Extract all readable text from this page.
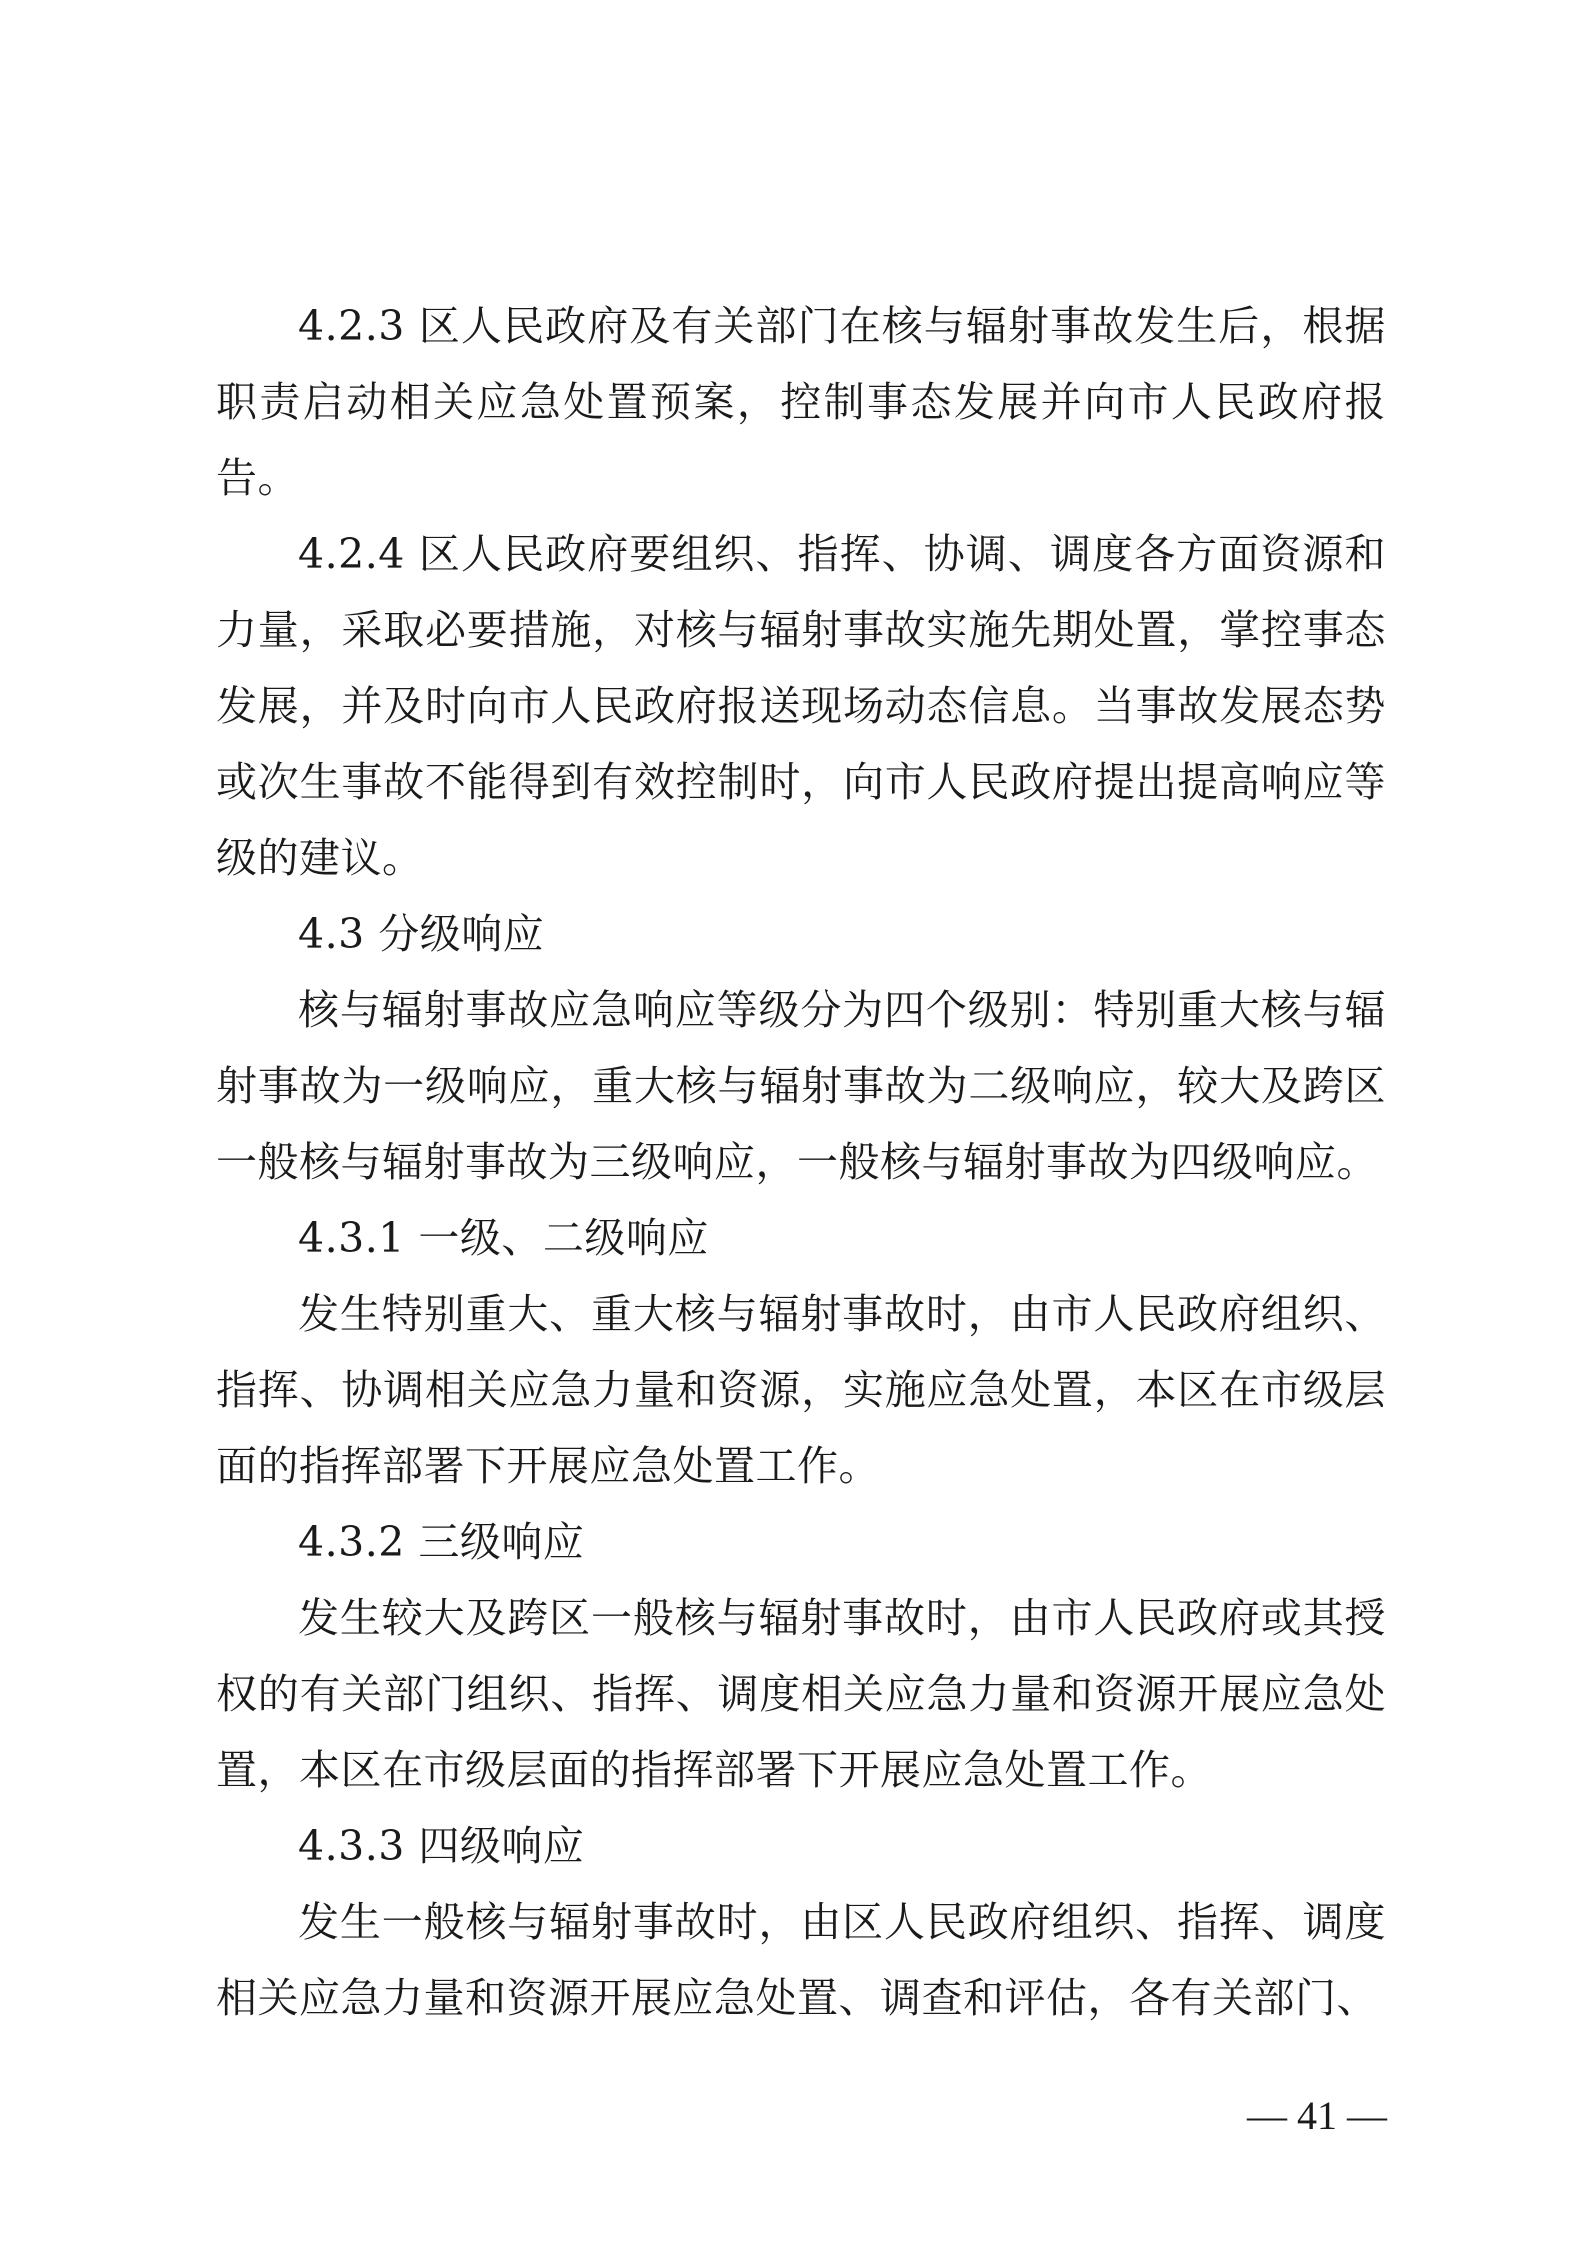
4.2.3 区人民政府及有关部门在核与辐射事故发生后，根据职责启动相关应急处置预案，控制事态发展并向市人民政府报告。

4.2.4 区人民政府要组织、指挥、协调、调度各方面资源和力量，采取必要措施，对核与辐射事故实施先期处置，掌控事态发展，并及时向市人民政府报送现场动态信息。当事故发展态势或次生事故不能得到有效控制时，向市人民政府提出提高响应等级的建议。

4.3 分级响应

核与辐射事故应急响应等级分为四个级别：特别重大核与辐射事故为一级响应，重大核与辐射事故为二级响应，较大及跨区一般核与辐射事故为三级响应，一般核与辐射事故为四级响应。

4.3.1 一级、二级响应

发生特别重大、重大核与辐射事故时，由市人民政府组织、指挥、协调相关应急力量和资源，实施应急处置，本区在市级层面的指挥部署下开展应急处置工作。

4.3.2 三级响应

发生较大及跨区一般核与辐射事故时，由市人民政府或其授权的有关部门组织、指挥、调度相关应急力量和资源开展应急处置，本区在市级层面的指挥部署下开展应急处置工作。

4.3.3 四级响应

发生一般核与辐射事故时，由区人民政府组织、指挥、调度相关应急力量和资源开展应急处置、调查和评估，各有关部门、

— 41 —
